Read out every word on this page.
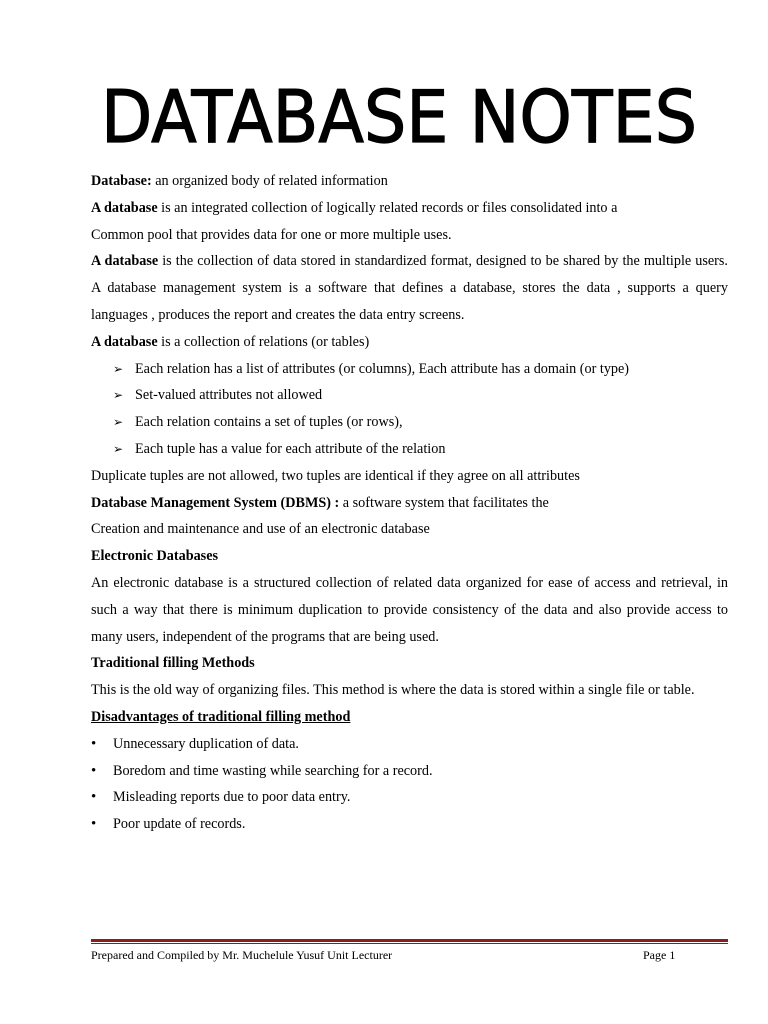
DATABASE NOTES

Database: an organized body of related information

A database is an integrated collection of logically related records or files consolidated into a

Common pool that provides data for one or more multiple uses.

A database is the collection of data stored in standardized format, designed to be shared by the multiple users. A database management system is a software that defines a database, stores the data , supports a query languages , produces the report and creates the data entry screens.

A database is a collection of relations (or tables)

➢ Each relation has a list of attributes (or columns), Each attribute has a domain (or type)
➢ Set-valued attributes not allowed
➢ Each relation contains a set of tuples (or rows),
➢ Each tuple has a value for each attribute of the relation

Duplicate tuples are not allowed, two tuples are identical if they agree on all attributes

Database Management System (DBMS) : a software system that facilitates the

Creation and maintenance and use of an electronic database

Electronic Databases

An electronic database is a structured collection of related data organized for ease of access and retrieval, in such a way that there is minimum duplication to provide consistency of the data and also provide access to many users, independent of the programs that are being used.

Traditional filling Methods

This is the old way of organizing files. This method is where the data is stored within a single file or table.

Disadvantages of traditional filling method

• Unnecessary duplication of data.
• Boredom and time wasting while searching for a record.
• Misleading reports due to poor data entry.
• Poor update of records.
Prepared and Compiled by Mr. Muchelule Yusuf Unit Lecturer	Page 1
